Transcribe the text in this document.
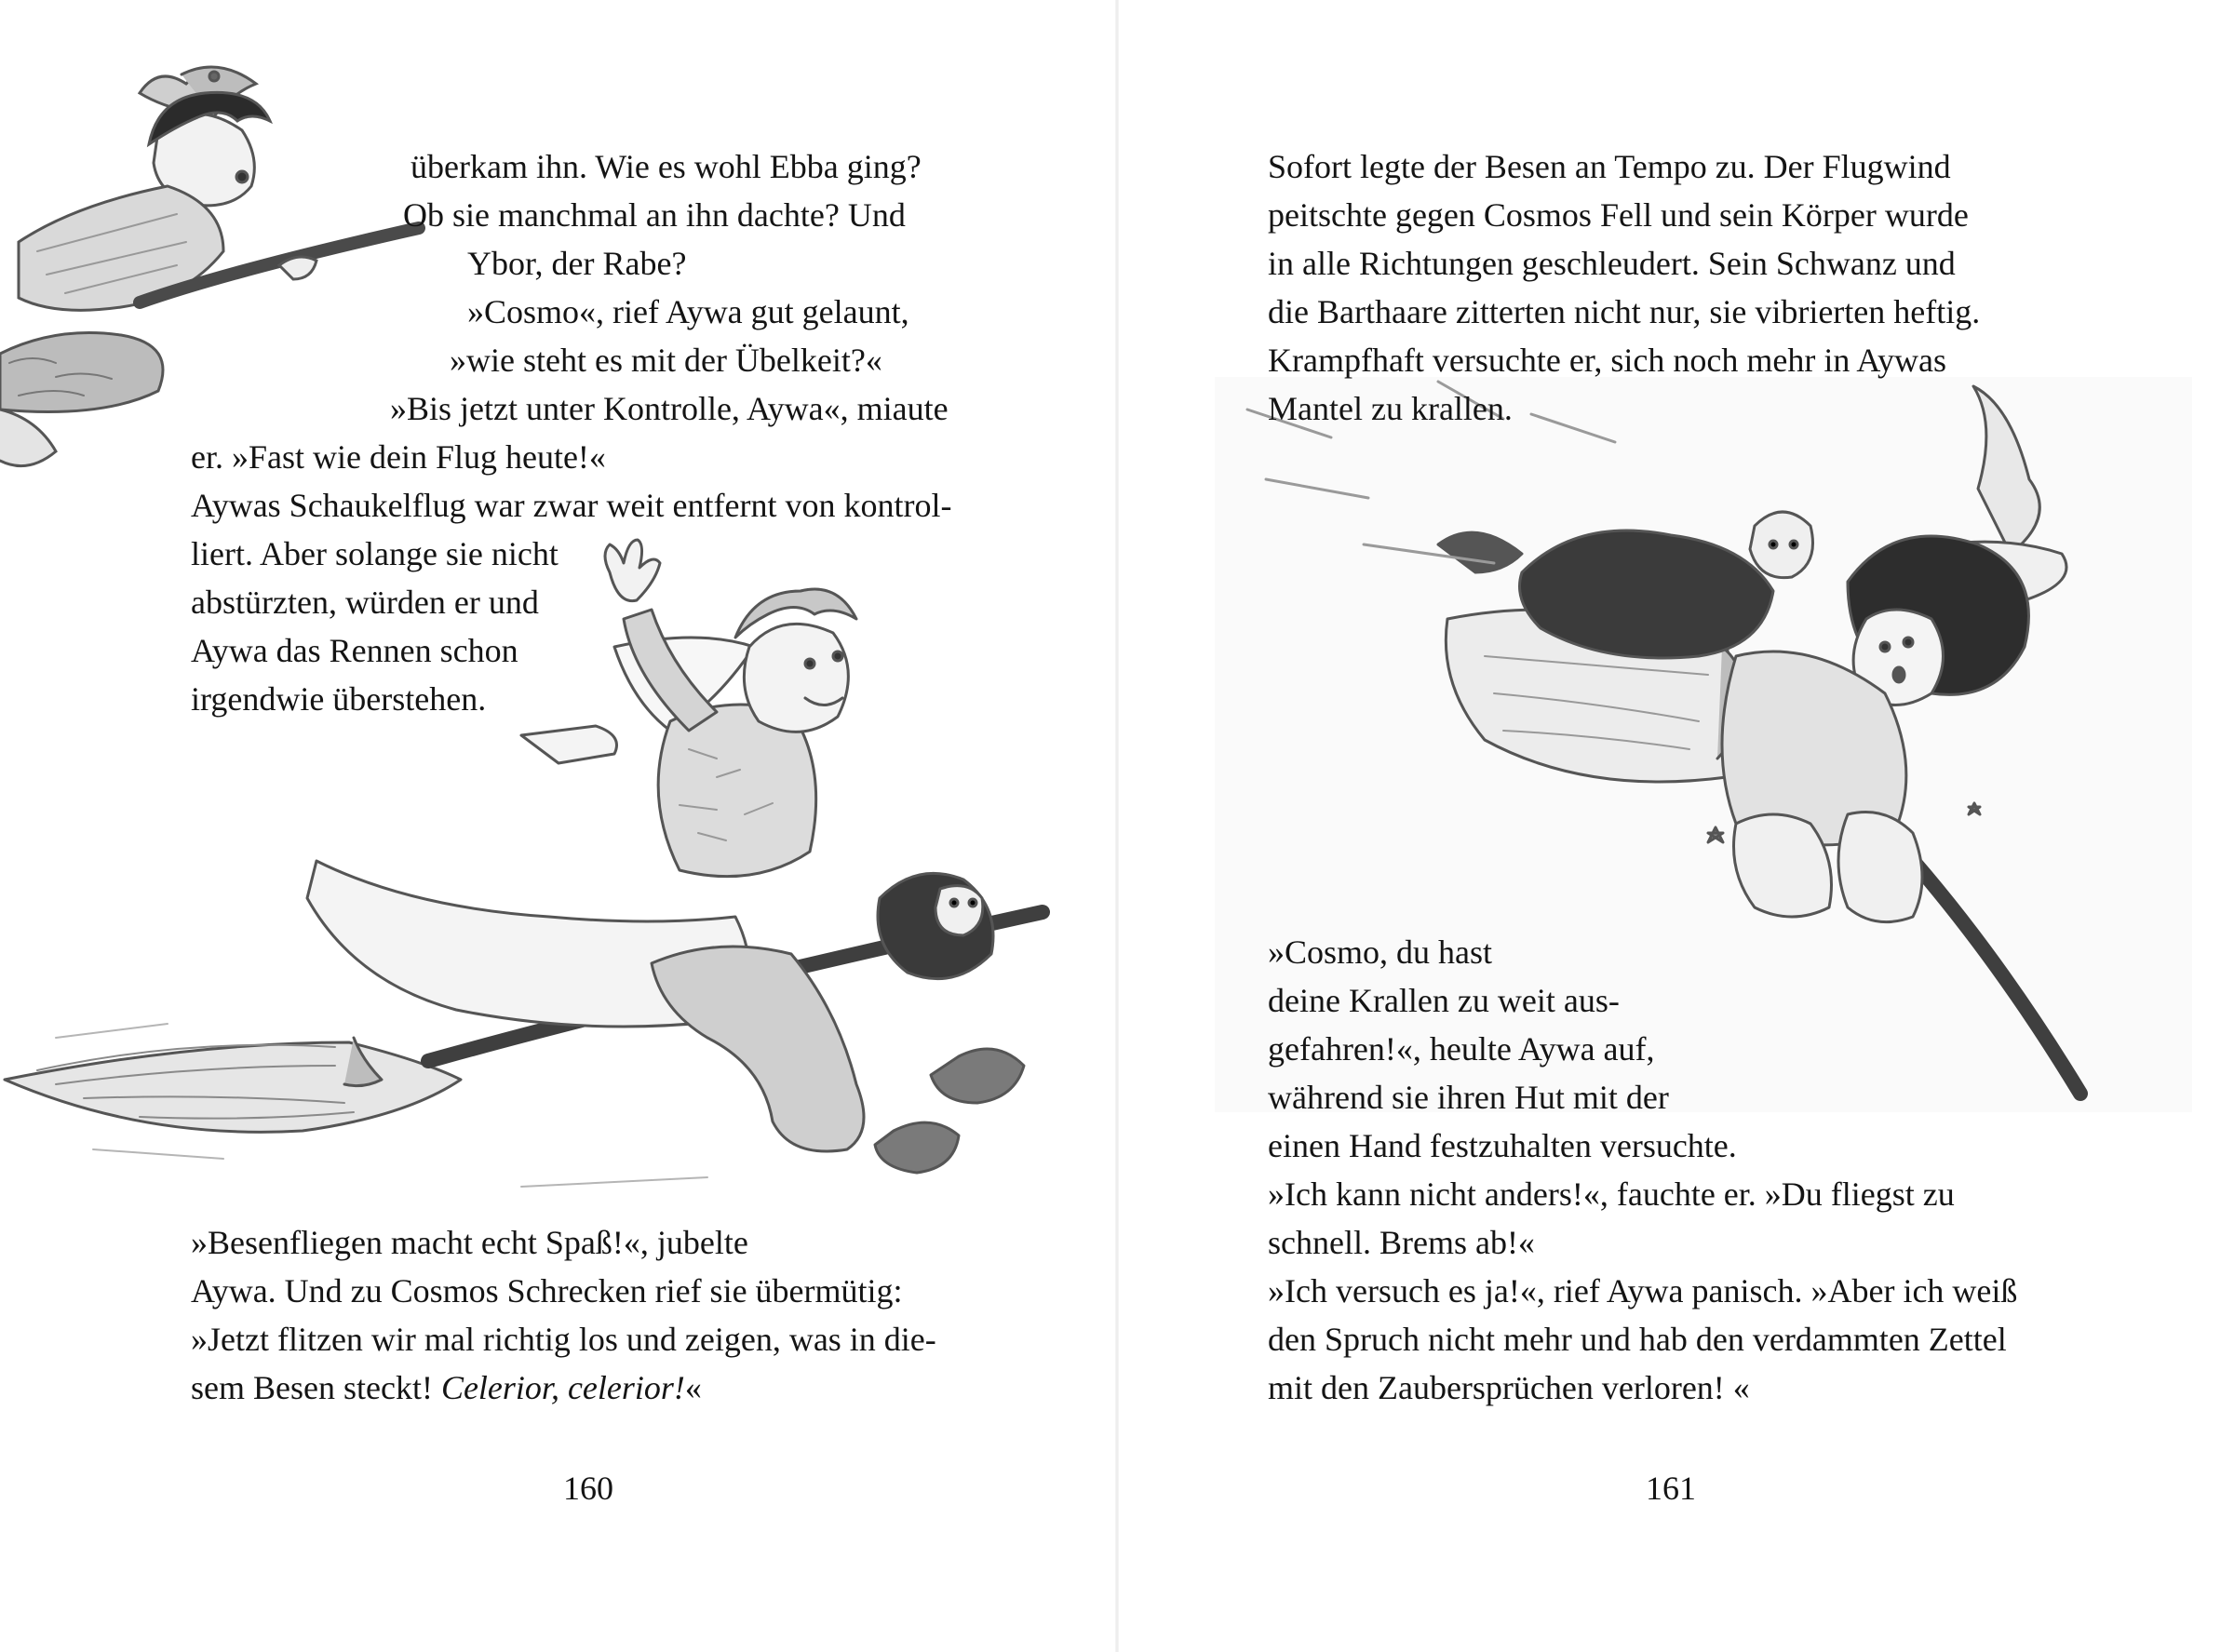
überkam ihn. Wie es wohl Ebba ging?
Ob sie manchmal an ihn dachte? Und
Ybor, der Rabe?
»Cosmo«, rief Aywa gut gelaunt,
»wie steht es mit der Übelkeit?«
»Bis jetzt unter Kontrolle, Aywa«, miaute
er. »Fast wie dein Flug heute!«
Aywas Schaukelflug war zwar weit entfernt von kontrol-
liert. Aber solange sie nicht
abstürzten, würden er und
Aywa das Rennen schon
irgendwie überstehen.
»Besenfliegen macht echt Spaß!«, jubelte
Aywa. Und zu Cosmos Schrecken rief sie übermütig:
»Jetzt flitzen wir mal richtig los und zeigen, was in die-
sem Besen steckt! Celerior, celerior!«
160
Sofort legte der Besen an Tempo zu. Der Flugwind
peitschte gegen Cosmos Fell und sein Körper wurde
in alle Richtungen geschleudert. Sein Schwanz und
die Barthaare zitterten nicht nur, sie vibrierten heftig.
Krampfhaft versuchte er, sich noch mehr in Aywas
Mantel zu krallen.
»Cosmo, du hast
deine Krallen zu weit aus-
gefahren!«, heulte Aywa auf,
während sie ihren Hut mit der
einen Hand festzuhalten versuchte.
»Ich kann nicht anders!«, fauchte er. »Du fliegst zu
schnell. Brems ab!«
»Ich versuch es ja!«, rief Aywa panisch. »Aber ich weiß
den Spruch nicht mehr und hab den verdammten Zettel
mit den Zaubersprüchen verloren! «
161
